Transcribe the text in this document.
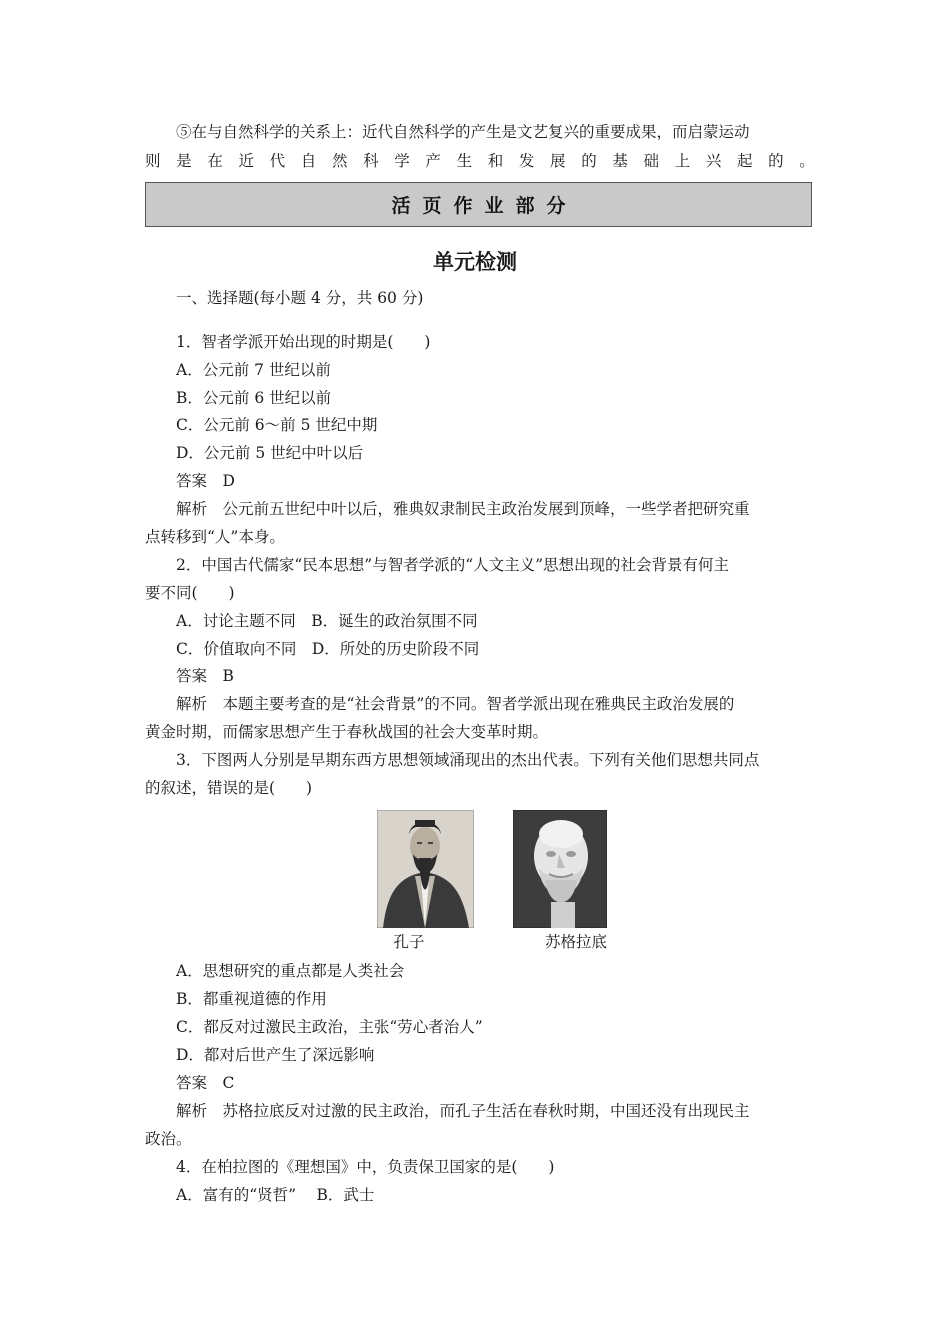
⑤在与自然科学的关系上：近代自然科学的产生是文艺复兴的重要成果，而启蒙运动
则 是 在 近 代 自 然 科 学 产 生 和 发 展 的 基 础 上 兴 起 的 。
活页作业部分
单元检测
一、选择题(每小题 4 分，共 60 分)
1．智者学派开始出现的时期是(　　)
A．公元前 7 世纪以前
B．公元前 6 世纪以前
C．公元前 6～前 5 世纪中期
D．公元前 5 世纪中叶以后
答案　D
解析　公元前五世纪中叶以后，雅典奴隶制民主政治发展到顶峰，一些学者把研究重
点转移到“人”本身。
2．中国古代儒家“民本思想”与智者学派的“人文主义”思想出现的社会背景有何主
要不同(　　)
A．讨论主题不同　B．诞生的政治氛围不同
C．价值取向不同　D．所处的历史阶段不同
答案　B
解析　本题主要考查的是“社会背景”的不同。智者学派出现在雅典民主政治发展的
黄金时期，而儒家思想产生于春秋战国的社会大变革时期。
3．下图两人分别是早期东西方思想领域涌现出的杰出代表。下列有关他们思想共同点
的叙述，错误的是(　　)
孔子	苏格拉底
A．思想研究的重点都是人类社会
B．都重视道德的作用
C．都反对过激民主政治，主张“劳心者治人”
D．都对后世产生了深远影响
答案　C
解析　苏格拉底反对过激的民主政治，而孔子生活在春秋时期，中国还没有出现民主
政治。
4．在柏拉图的《理想国》中，负责保卫国家的是(　　)
A．富有的“贤哲”　 B．武士
